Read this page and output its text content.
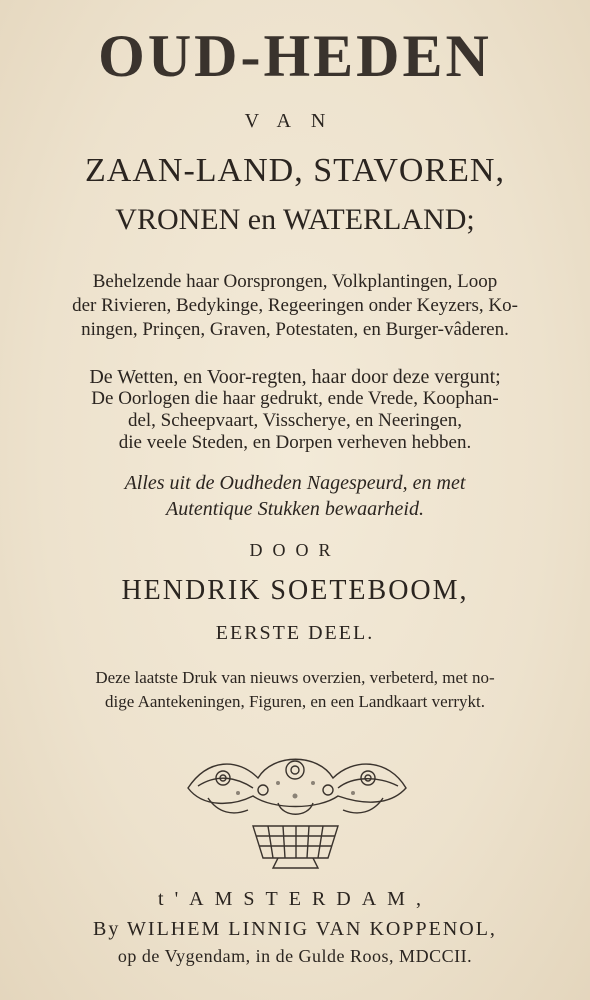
OUD-HEDEN
VAN
ZAAN-LAND, STAVOREN,
VRONEN en WATERLAND;
Behelzende haar Oorsprongen, Volkplantingen, Loop
der Rivieren, Bedykinge, Regeeringen onder Keyzers, Ko-
ningen, Prinçen, Graven, Potestaten, en Burger-vâderen.
De Wetten, en Voor-regten, haar door deze vergunt;
De Oorlogen die haar gedrukt, ende Vrede, Koophan-
del, Scheepvaart, Visscherye, en Neeringen,
die veele Steden, en Dorpen verheven hebben.
Alles uit de Oudheden Nagespeurd, en met
Autentique Stukken bewaarheid.
DOOR
HENDRIK SOETEBOOM,
EERSTE DEEL.
Deze laatste Druk van nieuws overzien, verbeterd, met no-
dige Aantekeningen, Figuren, en een Landkaart verrykt.
t'AMSTERDAM,
By WILHEM LINNIG VAN KOPPENOL,
op de Vygendam, in de Gulde Roos, MDCCII.
